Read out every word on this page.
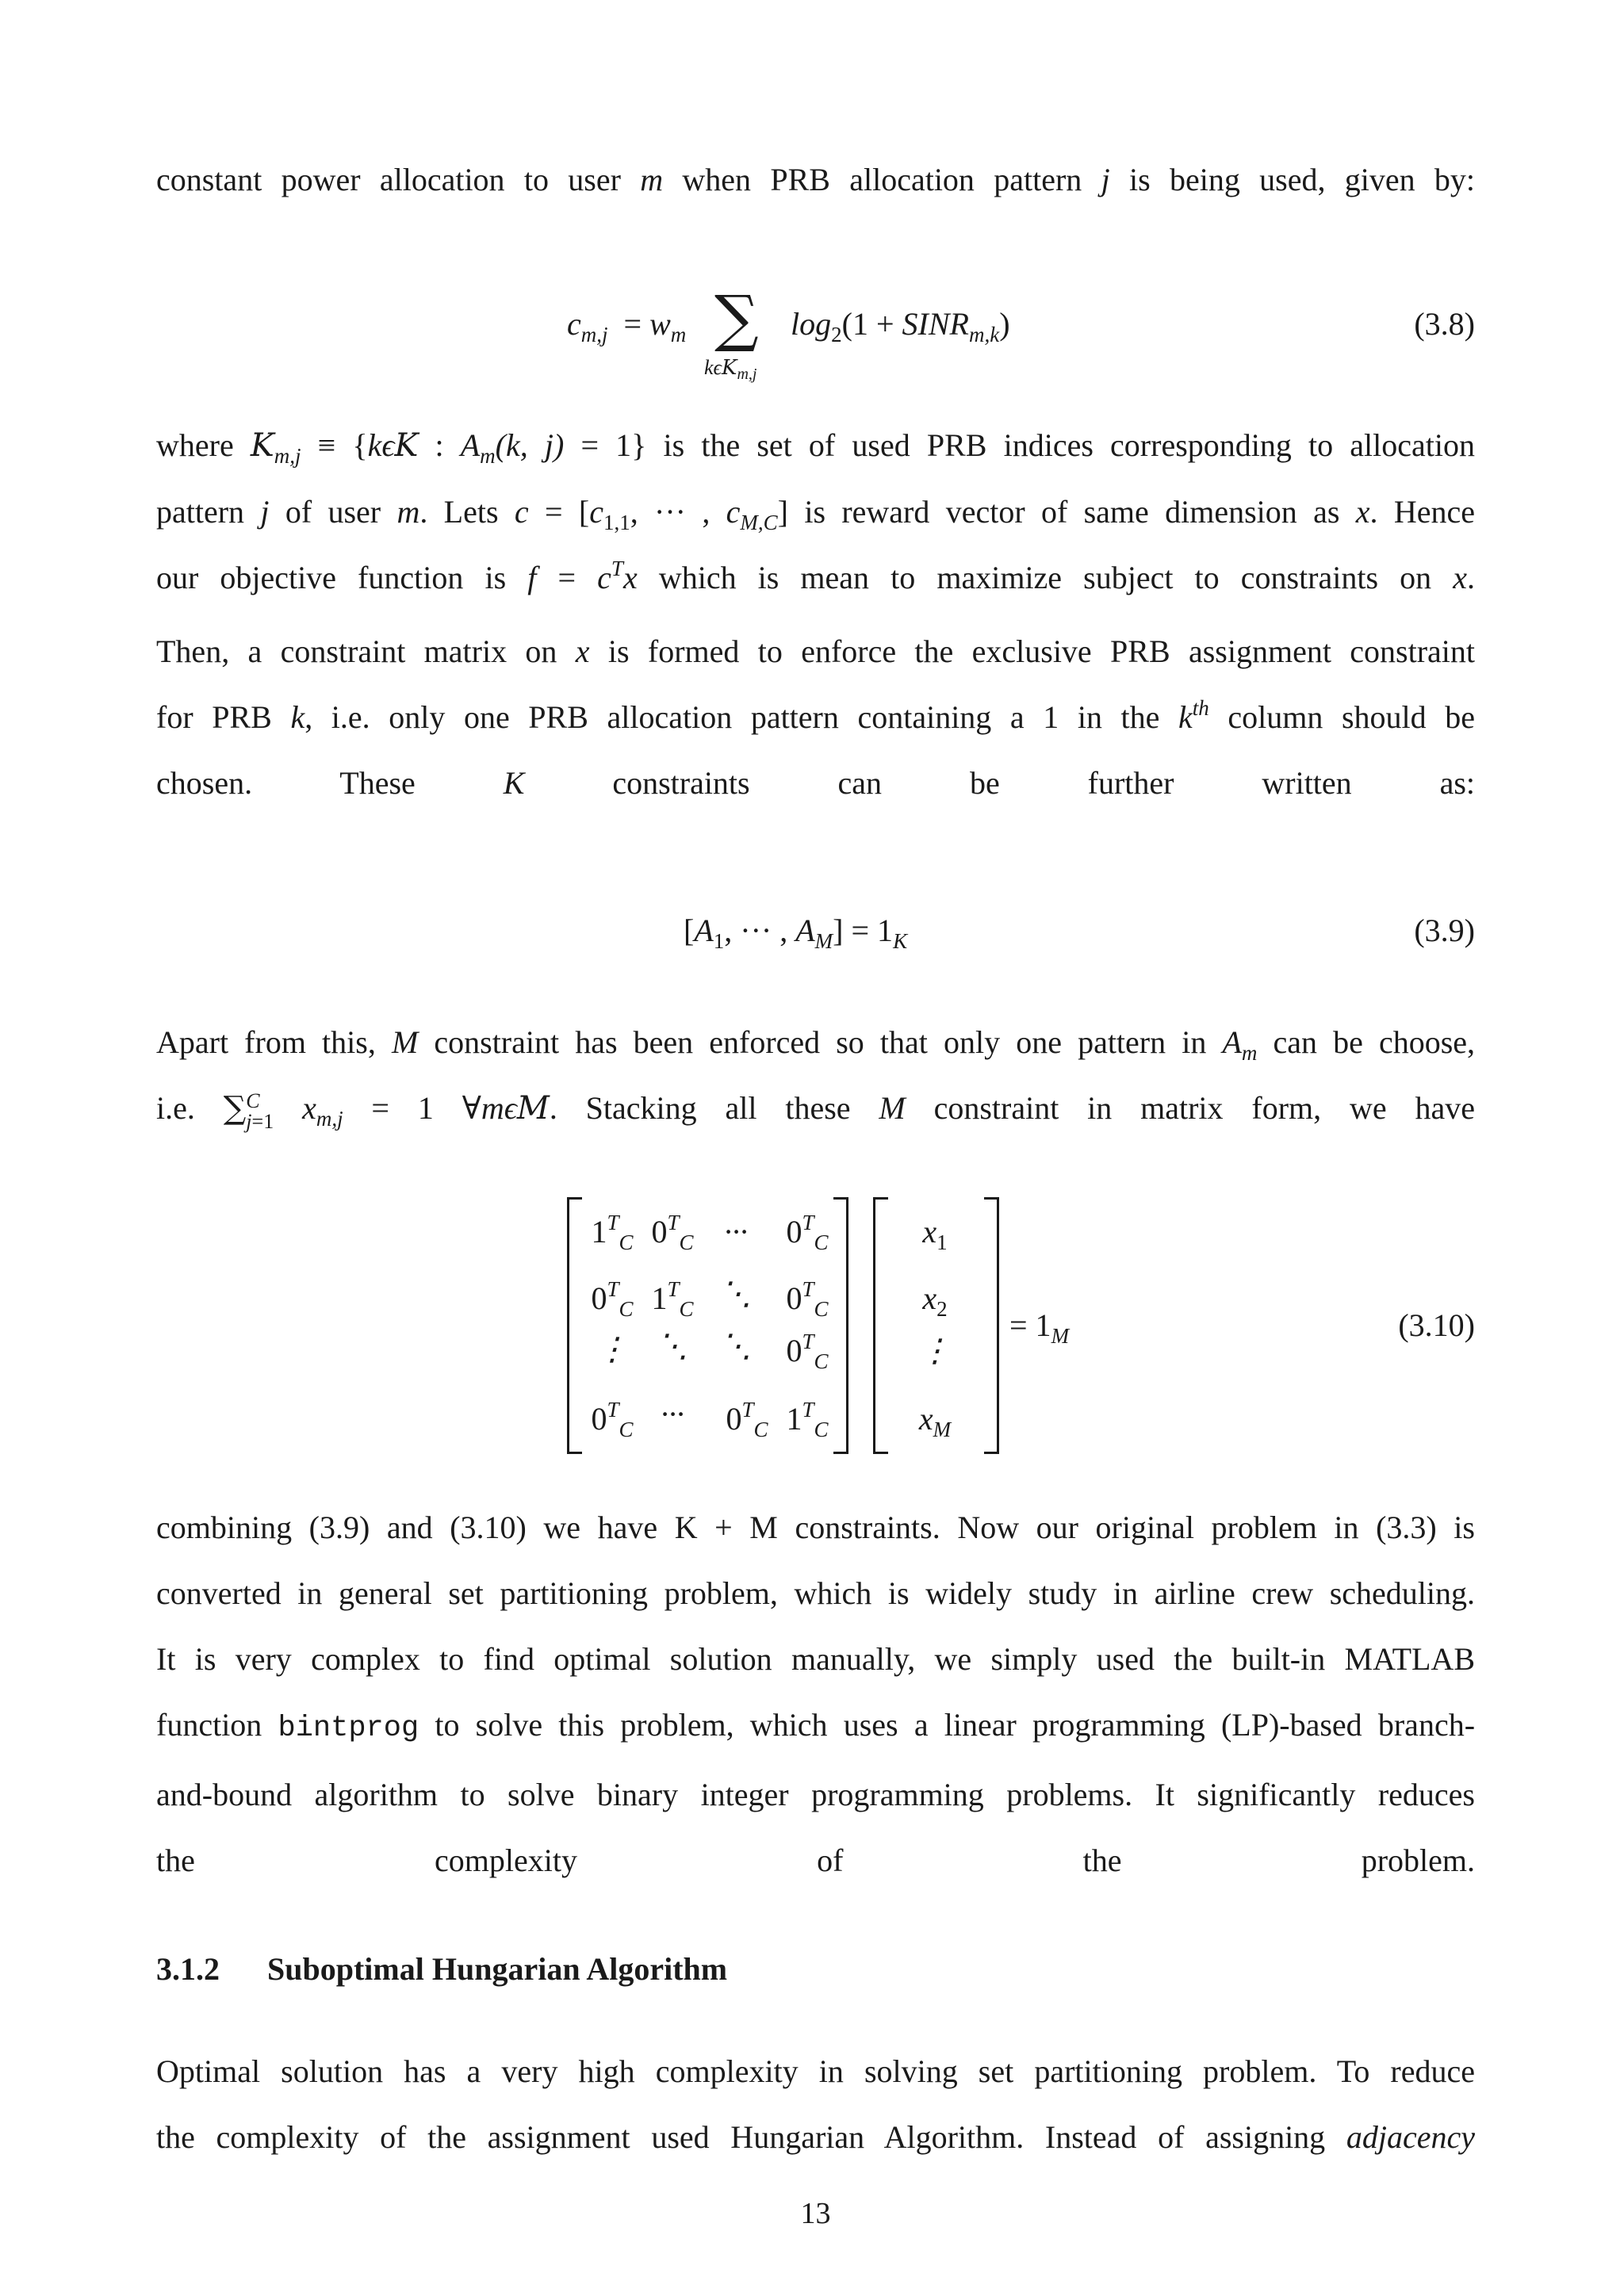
constant power allocation to user m when PRB allocation pattern j is being used, given by:
$c_{m,j} = w_m$ ∑
kϵK$_{m,j}$
$\log_2(1$ + $SINR_{m,k}$)	(3.8)
where $K_{m,j} \equiv \{k\epsilon K$ : $A_m(k$, j) = 1} is the set of used PRB indices corresponding to allocation
pattern j of user m. Lets $c = [c_{1,1}$, ··· , $c_{M,C}$] is reward vector of same dimension as x. Hence
our objective function is $f = c^Tx$ which is mean to maximize subject to constraints on x.
Then, a constraint matrix on x is formed to enforce the exclusive PRB assignment constraint
for PRB k, i.e. only one PRB allocation pattern containing a 1 in the $k^{th}$ column should be
chosen. These	K	constraints can be further written as:
[$A_1$, ··· , $A_M] = 1_K$	(3.9)
Apart from this, M constraint has been enforced so that only one pattern in $A_m$ can be choose,
i.e. ∑ C
j=1 $x_{m,j} = 1$ ∀mϵM. Stacking all these M constraint in matrix form, we have
$1^T_C$ $0^T_C$ ···	$0^T_C$
$0^T_C$ $1^T_C$ ⋱	$0^T_C$
⋮ ⋱	⋱	$0^T_C$
$0^T_C$ ···	$0^T_C$ $1^T_C$
$x_1$
$x_2$
⋮
$x_M$
= $1_M$	(3.10)
combining (3.9) and (3.10) we have K + M constraints. Now our original problem in (3.3) is
converted in general set partitioning problem, which is widely study in airline crew scheduling.
It is very complex to find optimal solution manually, we simply used the built-in MATLAB
function bintprog to solve this problem, which uses a linear programming (LP)-based branch-
and-bound algorithm to solve binary integer programming problems. It significantly reduces
the complexity of the problem.
3.1.2 Suboptimal Hungarian Algorithm
Optimal solution has a very high complexity in solving set partitioning problem. To reduce
the complexity of the assignment used Hungarian Algorithm. Instead of assigning adjacency
13
